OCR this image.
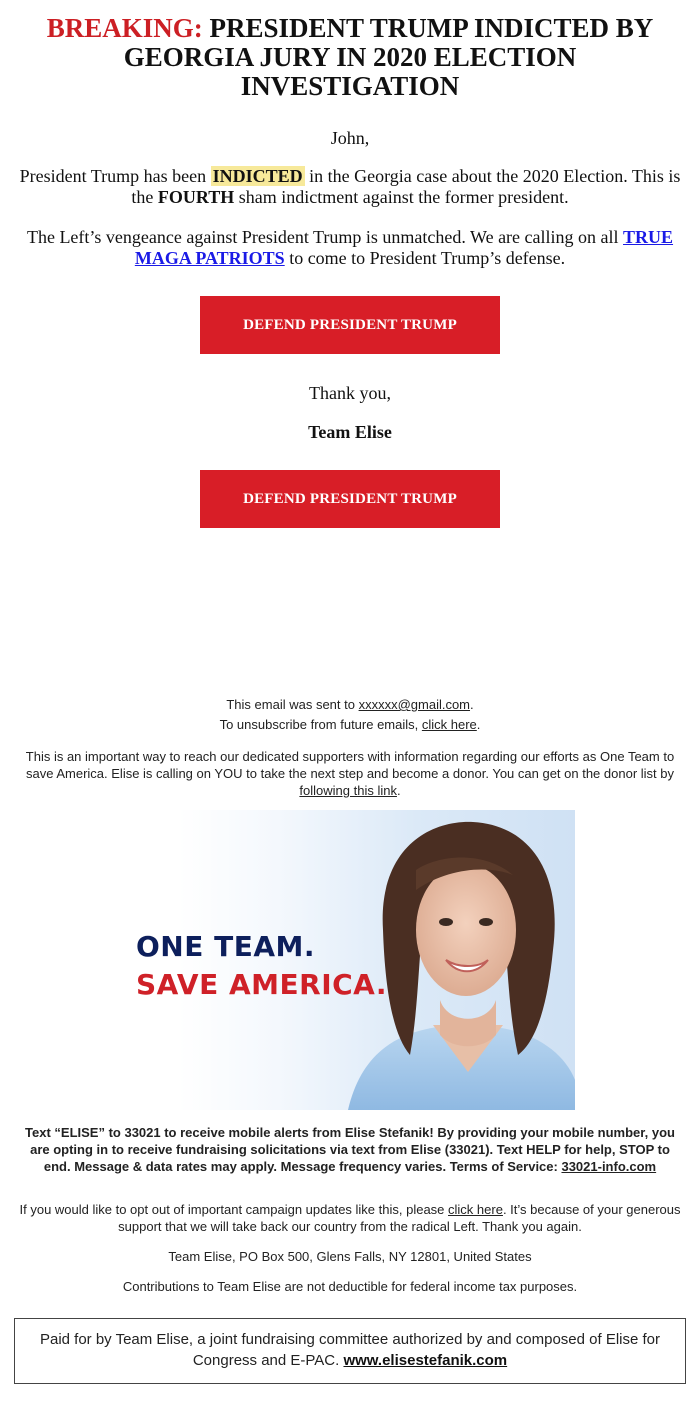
BREAKING: PRESIDENT TRUMP INDICTED BY GEORGIA JURY IN 2020 ELECTION INVESTIGATION

John,

President Trump has been INDICTED in the Georgia case about the 2020 Election. This is the FOURTH sham indictment against the former president.

The Left’s vengeance against President Trump is unmatched. We are calling on all TRUE MAGA PATRIOTS to come to President Trump’s defense.

DEFEND PRESIDENT TRUMP

Thank you,

Team Elise

DEFEND PRESIDENT TRUMP

This email was sent to xxxxxx@gmail.com.

To unsubscribe from future emails, click here.

This is an important way to reach our dedicated supporters with information regarding our efforts as One Team to save America. Elise is calling on YOU to take the next step and become a donor. You can get on the donor list by following this link.

ONE TEAM.
SAVE AMERICA.

Text “ELISE” to 33021 to receive mobile alerts from Elise Stefanik! By providing your mobile number, you are opting in to receive fundraising solicitations via text from Elise (33021). Text HELP for help, STOP to end. Message & data rates may apply. Message frequency varies. Terms of Service: 33021-info.com

If you would like to opt out of important campaign updates like this, please click here. It’s because of your generous support that we will take back our country from the radical Left. Thank you again.

Team Elise, PO Box 500, Glens Falls, NY 12801, United States

Contributions to Team Elise are not deductible for federal income tax purposes.

Paid for by Team Elise, a joint fundraising committee authorized by and composed of Elise for Congress and E-PAC. www.elisestefanik.com
